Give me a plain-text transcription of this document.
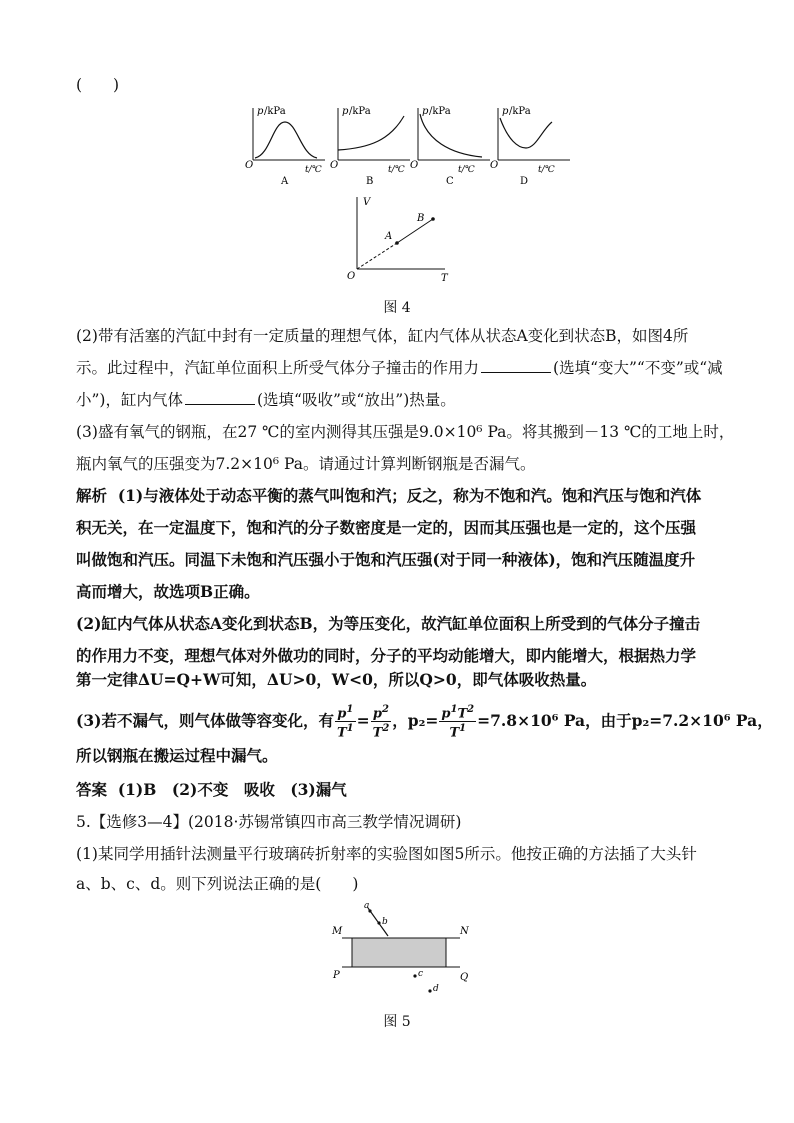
(　　)
p /kPa
O	t/℃
A
p /kPa
O	t/℃
B
p /kPa
O	t/℃
C
p /kPa
O	t/℃
D
V
O	T
A
B
图 4
(2)带有活塞的汽缸中封有一定质量的理想气体，缸内气体从状态A变化到状态B，如图4所
示。此过程中，汽缸单位面积上所受气体分子撞击的作用力	(选填“变大”“不变”或“减
小”)，缸内气体	(选填“吸收”或“放出”)热量。
(3)盛有氧气的钢瓶，在27 ℃的室内测得其压强是9.0×10⁶ Pa。将其搬到－13 ℃的工地上时，
瓶内氧气的压强变为7.2×10⁶ Pa。请通过计算判断钢瓶是否漏气。
解析 (1)与液体处于动态平衡的蒸气叫饱和汽；反之，称为不饱和汽。饱和汽压与饱和汽体
积无关，在一定温度下，饱和汽的分子数密度是一定的，因而其压强也是一定的，这个压强
叫做饱和汽压。同温下未饱和汽压强小于饱和汽压强(对于同一种液体)，饱和汽压随温度升
高而增大，故选项B正确。
(2)缸内气体从状态A变化到状态B，为等压变化，故汽缸单位面积上所受到的气体分子撞击
的作用力不变，理想气体对外做功的同时，分子的平均动能增大，即内能增大，根据热力学
第一定律ΔU=Q+W可知，ΔU>0，W<0，所以Q>0，即气体吸收热量。
(3)若不漏气，则气体做等容变化，有 $\frac{p^1}{T^1} = \frac{p^2}{T^2}$ ，$p_2= \frac{p^1T^2}{T^1} =7.8\times 10^6$ Pa，由于p₂=7.2×10⁶ Pa，
所以钢瓶在搬运过程中漏气。
答案 (1)B　(2)不变　吸收　(3)漏气
5.【选修3—4】(2018·苏锡常镇四市高三教学情况调研)
(1)某同学用插针法测量平行玻璃砖折射率的实验图如图5所示。他按正确的方法插了大头针
a、b、c、d。则下列说法正确的是(　　)
M	N
P	Q
a
b
c
d
图 5
